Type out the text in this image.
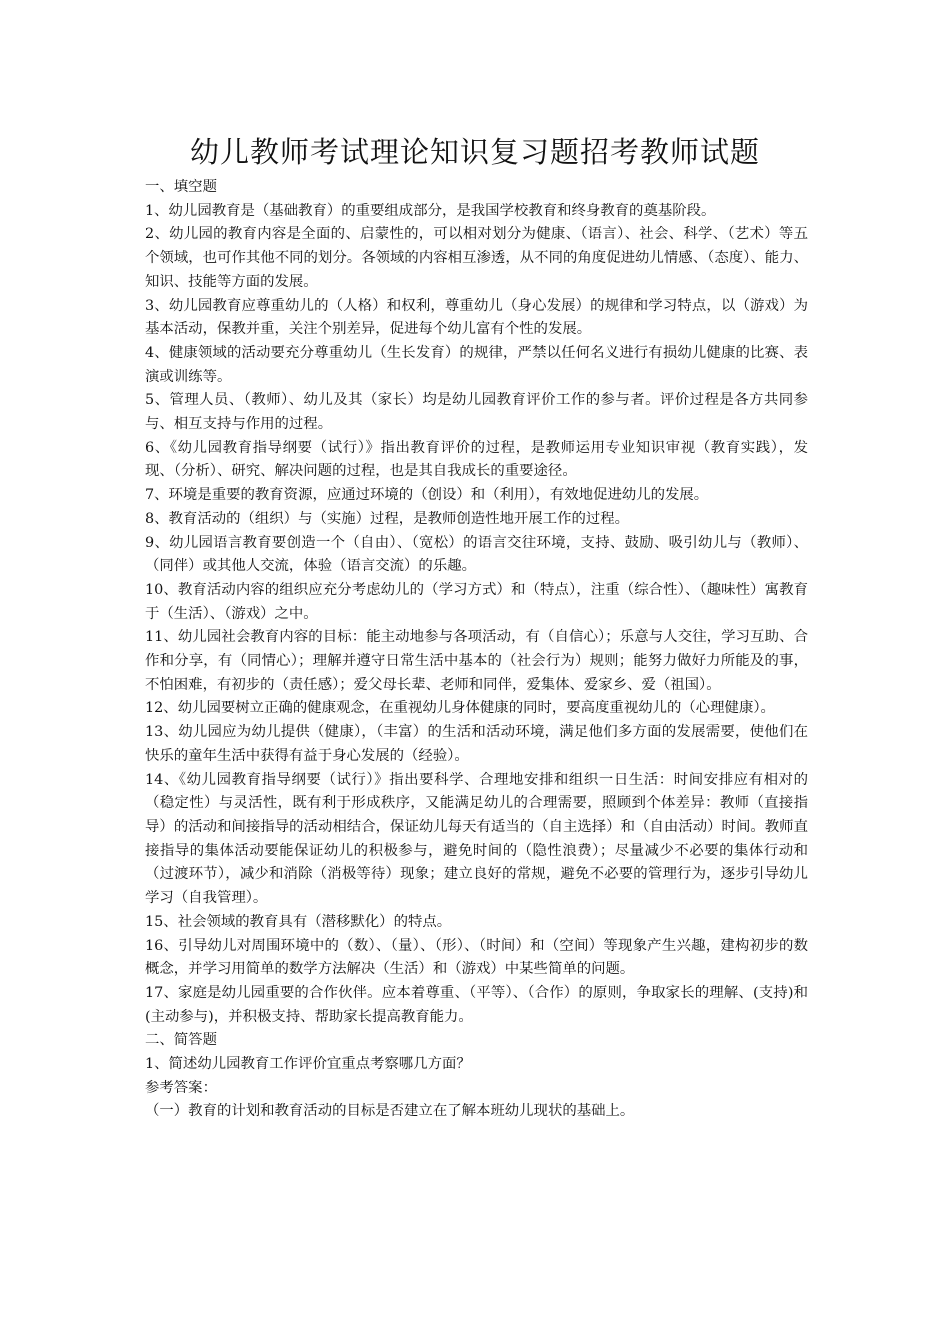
幼儿教师考试理论知识复习题招考教师试题

一、填空题

1、幼儿园教育是（基础教育）的重要组成部分，是我国学校教育和终身教育的奠基阶段。

2、幼儿园的教育内容是全面的、启蒙性的，可以相对划分为健康、（语言）、社会、科学、（艺术）等五个领域，也可作其他不同的划分。各领域的内容相互渗透，从不同的角度促进幼儿情感、（态度）、能力、知识、技能等方面的发展。

3、幼儿园教育应尊重幼儿的（人格）和权利，尊重幼儿（身心发展）的规律和学习特点，以（游戏）为基本活动，保教并重，关注个别差异，促进每个幼儿富有个性的发展。

4、健康领域的活动要充分尊重幼儿（生长发育）的规律，严禁以任何名义进行有损幼儿健康的比赛、表演或训练等。

5、管理人员、（教师）、幼儿及其（家长）均是幼儿园教育评价工作的参与者。评价过程是各方共同参与、相互支持与作用的过程。

6、《幼儿园教育指导纲要（试行）》指出教育评价的过程，是教师运用专业知识审视（教育实践），发现、（分析）、研究、解决问题的过程，也是其自我成长的重要途径。

7、环境是重要的教育资源，应通过环境的（创设）和（利用），有效地促进幼儿的发展。

8、教育活动的（组织）与（实施）过程，是教师创造性地开展工作的过程。

9、幼儿园语言教育要创造一个（自由）、（宽松）的语言交往环境，支持、鼓励、吸引幼儿与（教师）、（同伴）或其他人交流，体验（语言交流）的乐趣。

10、教育活动内容的组织应充分考虑幼儿的（学习方式）和（特点），注重（综合性）、（趣味性）寓教育于（生活）、（游戏）之中。

11、幼儿园社会教育内容的目标：能主动地参与各项活动，有（自信心）；乐意与人交往，学习互助、合作和分享，有（同情心）；理解并遵守日常生活中基本的（社会行为）规则；能努力做好力所能及的事，不怕困难，有初步的（责任感）；爱父母长辈、老师和同伴，爱集体、爱家乡、爱（祖国）。

12、幼儿园要树立正确的健康观念，在重视幼儿身体健康的同时，要高度重视幼儿的（心理健康）。

13、幼儿园应为幼儿提供（健康），（丰富）的生活和活动环境，满足他们多方面的发展需要，使他们在快乐的童年生活中获得有益于身心发展的（经验）。

14、《幼儿园教育指导纲要（试行）》指出要科学、合理地安排和组织一日生活：时间安排应有相对的（稳定性）与灵活性，既有利于形成秩序，又能满足幼儿的合理需要，照顾到个体差异：教师（直接指导）的活动和间接指导的活动相结合，保证幼儿每天有适当的（自主选择）和（自由活动）时间。教师直接指导的集体活动要能保证幼儿的积极参与，避免时间的（隐性浪费）；尽量减少不必要的集体行动和（过渡环节），减少和消除（消极等待）现象；建立良好的常规，避免不必要的管理行为，逐步引导幼儿学习（自我管理）。

15、社会领域的教育具有（潜移默化）的特点。

16、引导幼儿对周围环境中的（数）、（量）、（形）、（时间）和（空间）等现象产生兴趣，建构初步的数概念，并学习用简单的数学方法解决（生活）和（游戏）中某些简单的问题。

17、家庭是幼儿园重要的合作伙伴。应本着尊重、（平等）、（合作）的原则，争取家长的理解、(支持)和(主动参与)，并积极支持、帮助家长提高教育能力。

二、简答题

1、简述幼儿园教育工作评价宜重点考察哪几方面？

参考答案：

（一）教育的计划和教育活动的目标是否建立在了解本班幼儿现状的基础上。
